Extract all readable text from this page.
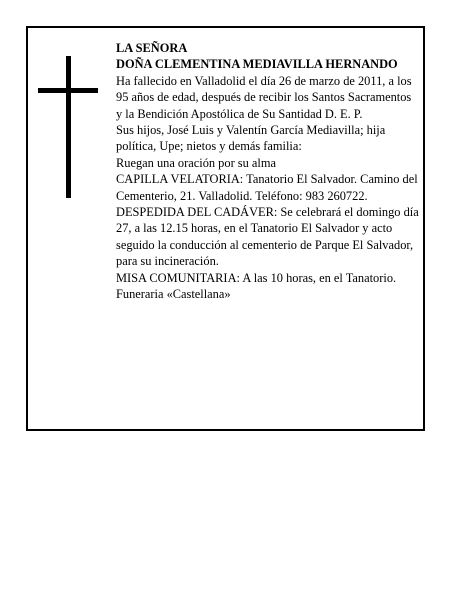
LA SEÑORA

DOÑA CLEMENTINA MEDIAVILLA HERNANDO

Ha fallecido en Valladolid el día 26 de marzo de 2011, a los 95 años de edad, después de recibir los Santos Sacramentos y la Bendición Apostólica de Su Santidad D. E. P.

Sus hijos, José Luis y Valentín García Mediavilla; hija política, Upe; nietos y demás familia:

Ruegan una oración por su alma

CAPILLA VELATORIA: Tanatorio El Salvador. Camino del Cementerio, 21. Valladolid. Teléfono: 983 260722.

DESPEDIDA DEL CADÁVER: Se celebrará el domingo día 27, a las 12.15 horas, en el Tanatorio El Salvador y acto seguido la conducción al cementerio de Parque El Salvador, para su incineración.

MISA COMUNITARIA: A las 10 horas, en el Tanatorio.

Funeraria «Castellana»
